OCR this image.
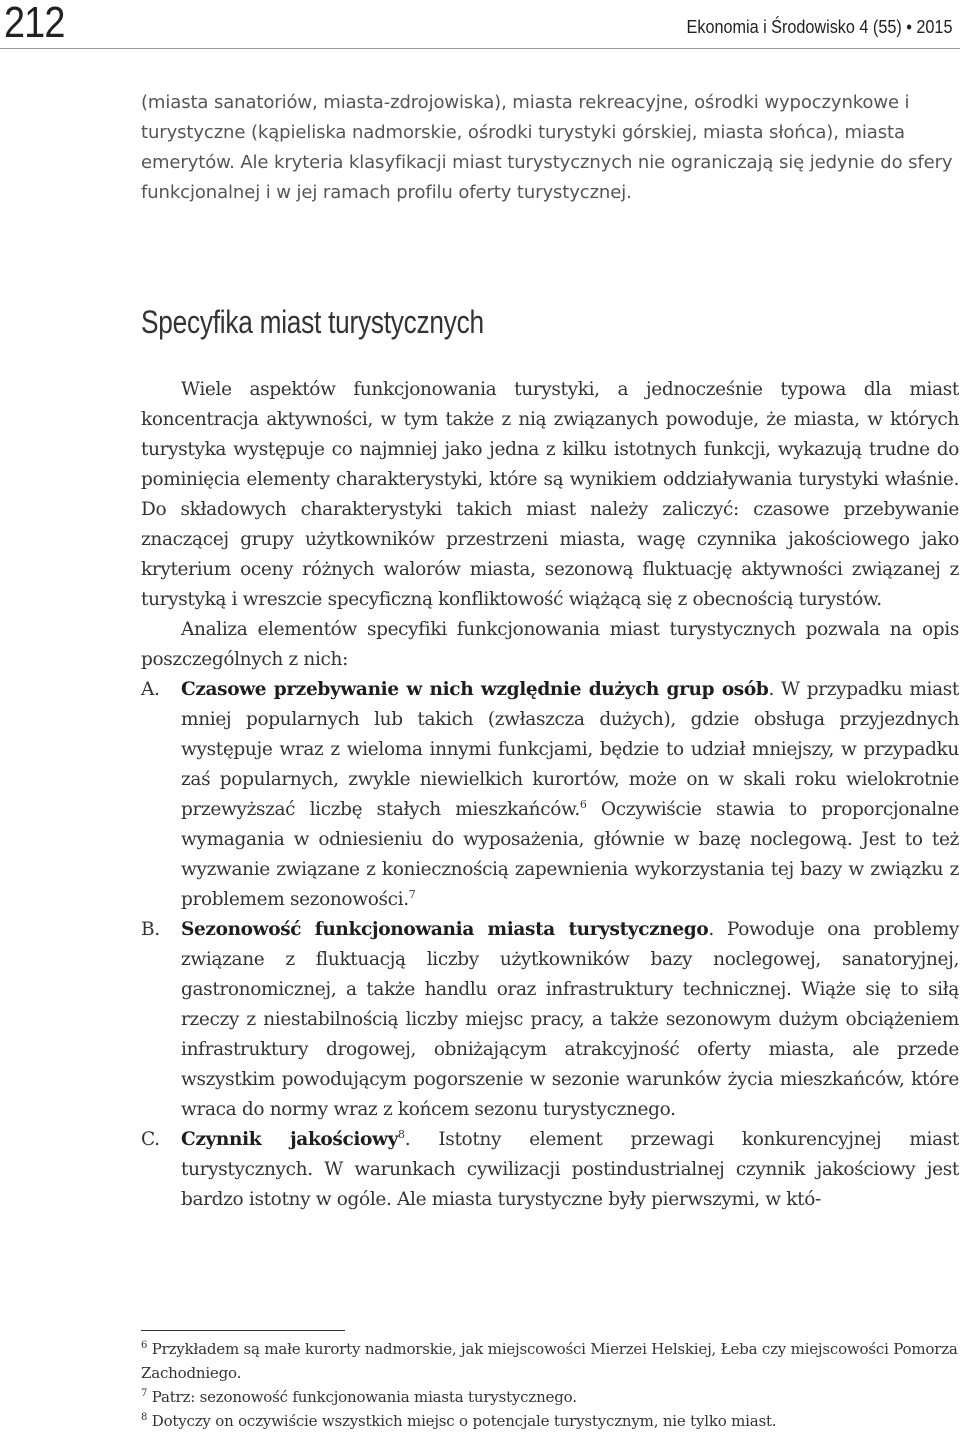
212	Ekonomia i Środowisko 4 (55) • 2015

(miasta sanatoriów, miasta-zdrojowiska), miasta rekreacyjne, ośrodki wypoczynkowe i turystyczne (kąpieliska nadmorskie, ośrodki turystyki górskiej, miasta słońca), miasta emerytów. Ale kryteria klasyfikacji miast turystycznych nie ograniczają się jedynie do sfery funkcjonalnej i w jej ramach profilu oferty turystycznej.

Specyfika miast turystycznych

Wiele aspektów funkcjonowania turystyki, a jednocześnie typowa dla miast koncentracja aktywności, w tym także z nią związanych powoduje, że miasta, w których turystyka występuje co najmniej jako jedna z kilku istotnych funkcji, wykazują trudne do pominięcia elementy charakterystyki, które są wynikiem oddziaływania turystyki właśnie. Do składowych charakterystyki takich miast należy zaliczyć: czasowe przebywanie znaczącej grupy użytkowników przestrzeni miasta, wagę czynnika jakościowego jako kryterium oceny różnych walorów miasta, sezonową fluktuację aktywności związanej z turystyką i wreszcie specyficzną konfliktowość wiążącą się z obecnością turystów.

Analiza elementów specyfiki funkcjonowania miast turystycznych pozwala na opis poszczególnych z nich:

A. Czasowe przebywanie w nich względnie dużych grup osób. W przypadku miast mniej popularnych lub takich (zwłaszcza dużych), gdzie obsługa przyjezdnych występuje wraz z wieloma innymi funkcjami, będzie to udział mniejszy, w przypadku zaś popularnych, zwykle niewielkich kurortów, może on w skali roku wielokrotnie przewyższać liczbę stałych mieszkańców.$^6$ Oczywiście stawia to proporcjonalne wymagania w odniesieniu do wyposażenia, głównie w bazę noclegową. Jest to też wyzwanie związane z koniecznością zapewnienia wykorzystania tej bazy w związku z problemem sezonowości.$^7$

B. Sezonowość funkcjonowania miasta turystycznego. Powoduje ona problemy związane z fluktuacją liczby użytkowników bazy noclegowej, sanatoryjnej, gastronomicznej, a także handlu oraz infrastruktury technicznej. Wiąże się to siłą rzeczy z niestabilnością liczby miejsc pracy, a także sezonowym dużym obciążeniem infrastruktury drogowej, obniżającym atrakcyjność oferty miasta, ale przede wszystkim powodującym pogorszenie w sezonie warunków życia mieszkańców, które wraca do normy wraz z końcem sezonu turystycznego.

C. Czynnik jakościowy$^8$. Istotny element przewagi konkurencyjnej miast turystycznych. W warunkach cywilizacji postindustrialnej czynnik jakościowy jest bardzo istotny w ogóle. Ale miasta turystyczne były pierwszymi, w któ-

$^6$ Przykładem są małe kurorty nadmorskie, jak miejscowości Mierzei Helskiej, Łeba czy miejscowości Pomorza Zachodniego.

$^7$ Patrz: sezonowość funkcjonowania miasta turystycznego.

$^8$ Dotyczy on oczywiście wszystkich miejsc o potencjale turystycznym, nie tylko miast.
